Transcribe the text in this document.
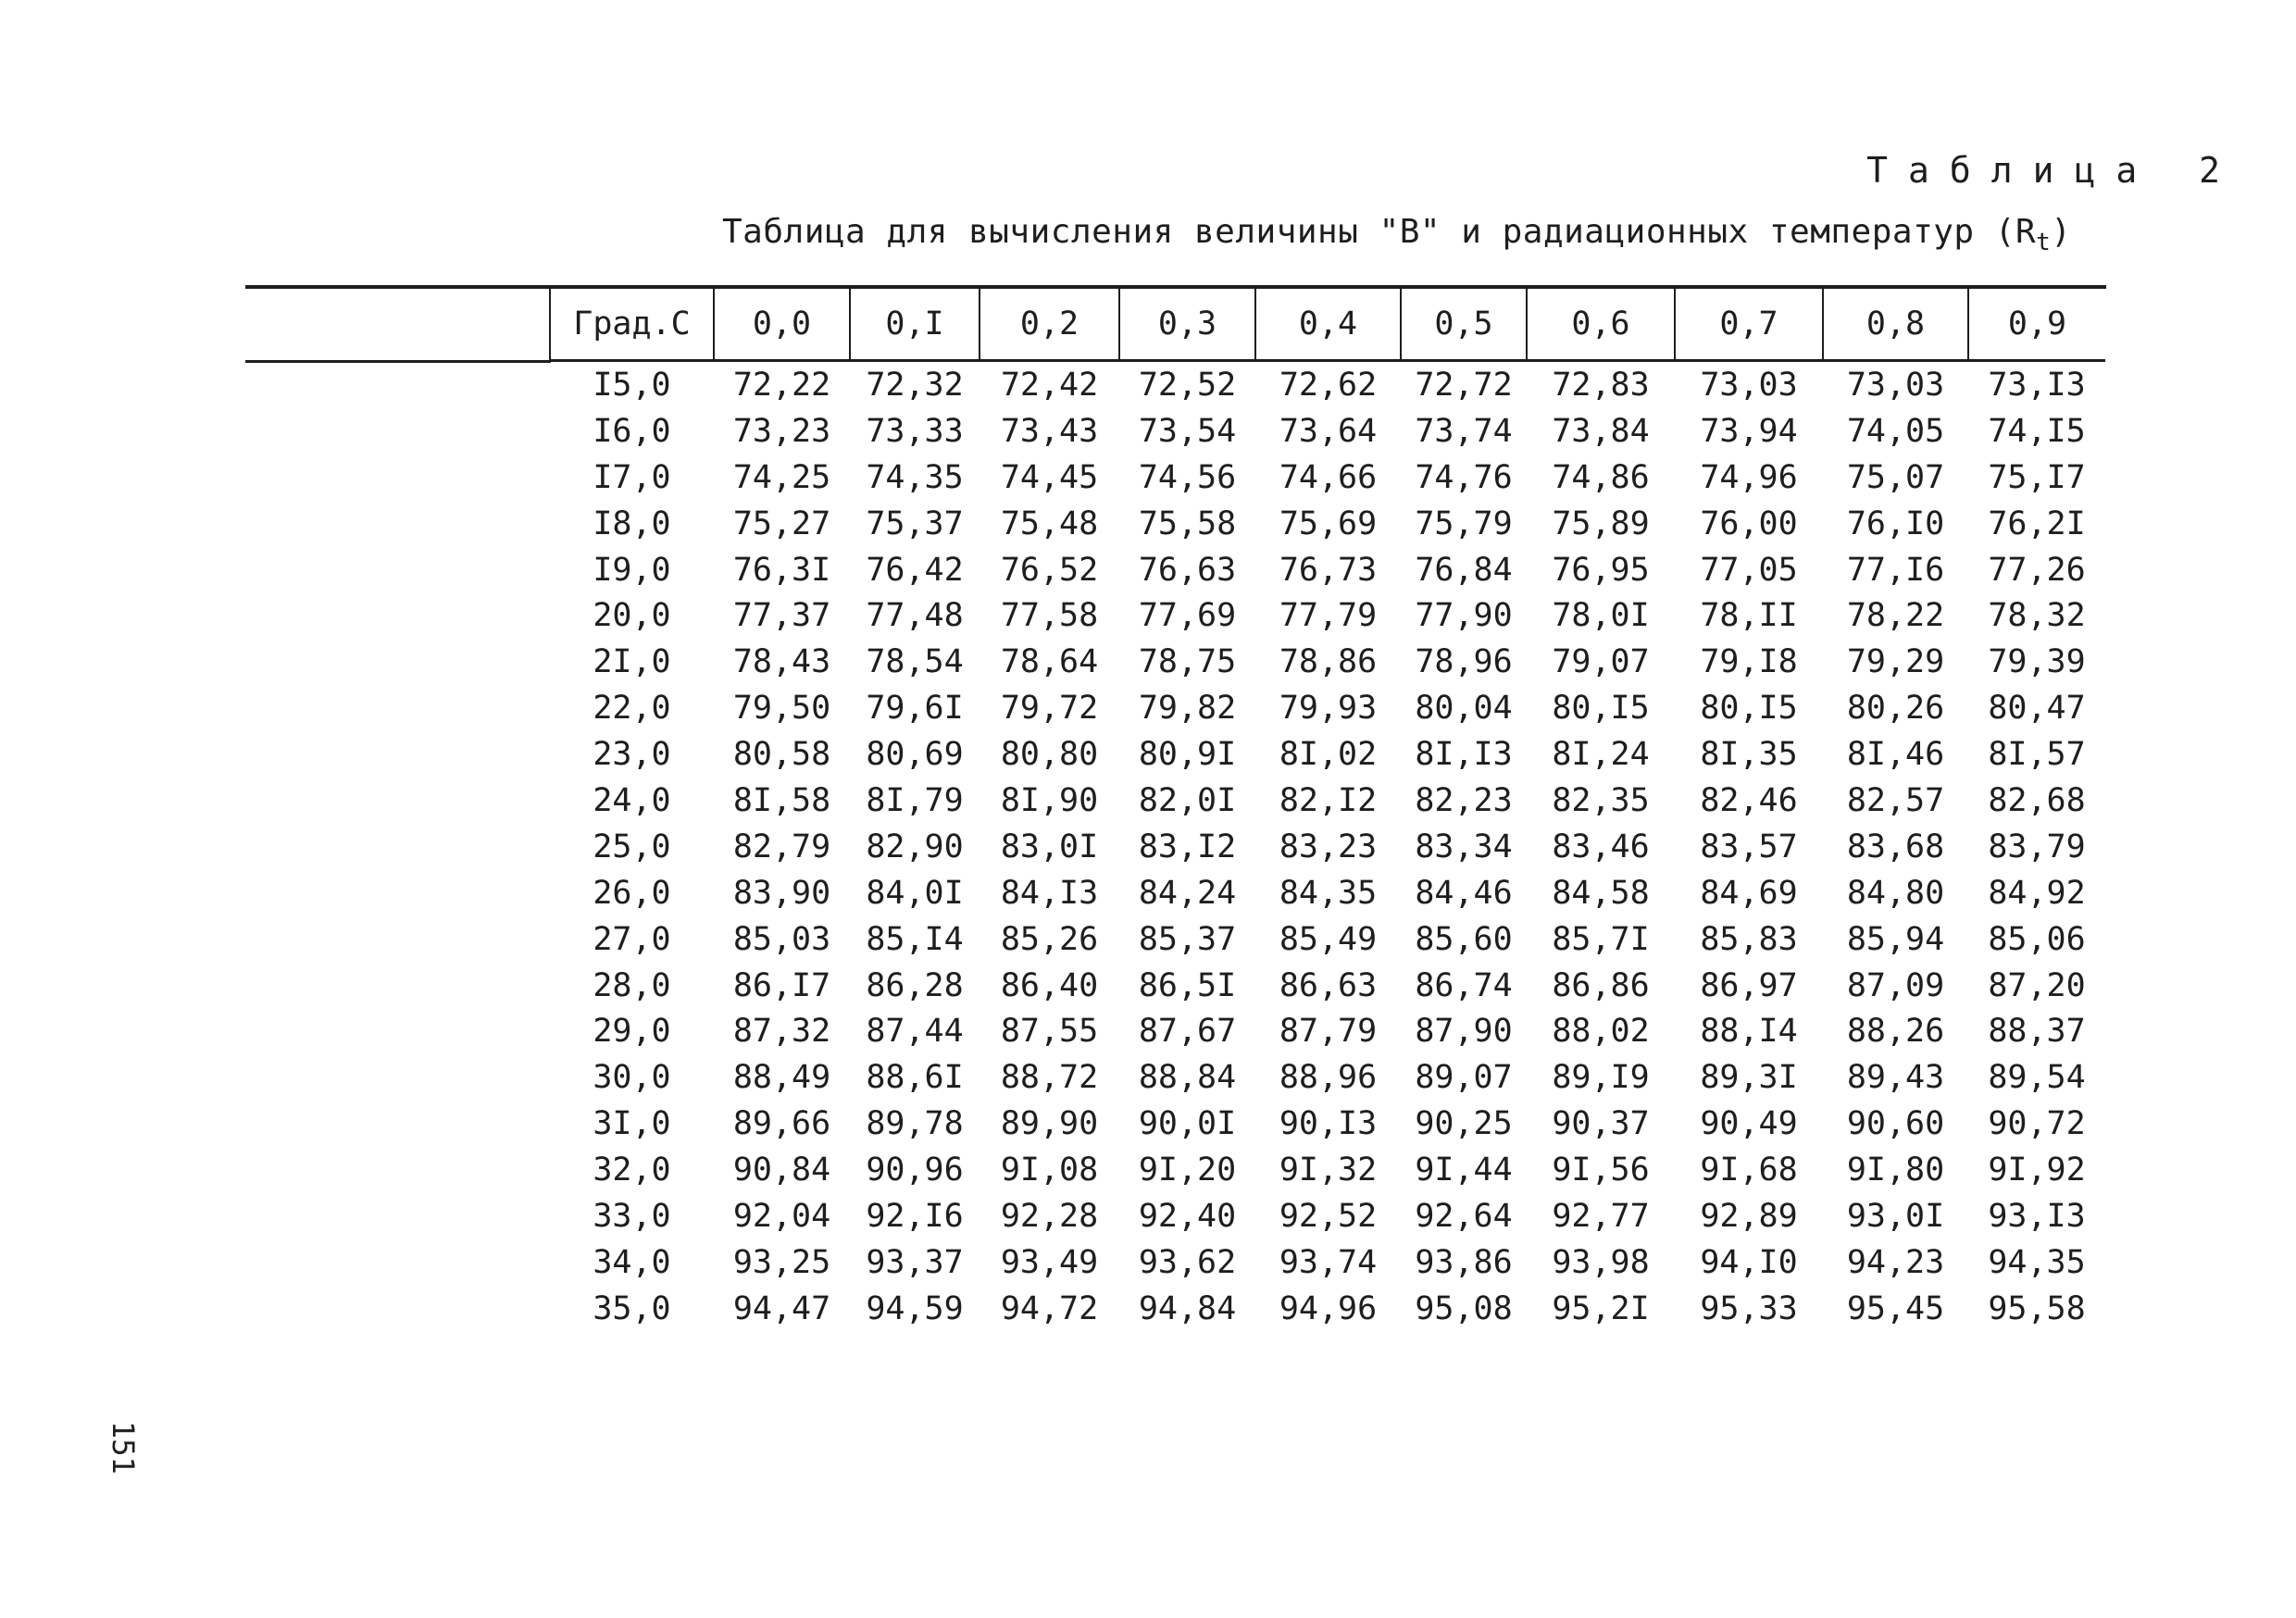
Таблица 2
Таблица для вычисления величины "В" и радиационных температур $(R_t)$
Град.С	0,0	0,I	0,2	0,3	0,4	0,5	0,6	0,7	0,8	0,9
I5,0	72,22	72,32	72,42	72,52	72,62	72,72	72,83	73,03	73,03	73,I3
I6,0	73,23	73,33	73,43	73,54	73,64	73,74	73,84	73,94	74,05	74,I5
I7,0	74,25	74,35	74,45	74,56	74,66	74,76	74,86	74,96	75,07	75,I7
I8,0	75,27	75,37	75,48	75,58	75,69	75,79	75,89	76,00	76,I0	76,2I
I9,0	76,3I	76,42	76,52	76,63	76,73	76,84	76,95	77,05	77,I6	77,26
20,0	77,37	77,48	77,58	77,69	77,79	77,90	78,0I	78,II	78,22	78,32
2I,0	78,43	78,54	78,64	78,75	78,86	78,96	79,07	79,I8	79,29	79,39
22,0	79,50	79,6I	79,72	79,82	79,93	80,04	80,I5	80,I5	80,26	80,47
23,0	80,58	80,69	80,80	80,9I	8I,02	8I,I3	8I,24	8I,35	8I,46	8I,57
24,0	8I,58	8I,79	8I,90	82,0I	82,I2	82,23	82,35	82,46	82,57	82,68
25,0	82,79	82,90	83,0I	83,I2	83,23	83,34	83,46	83,57	83,68	83,79
26,0	83,90	84,0I	84,I3	84,24	84,35	84,46	84,58	84,69	84,80	84,92
27,0	85,03	85,I4	85,26	85,37	85,49	85,60	85,7I	85,83	85,94	85,06
28,0	86,I7	86,28	86,40	86,5I	86,63	86,74	86,86	86,97	87,09	87,20
29,0	87,32	87,44	87,55	87,67	87,79	87,90	88,02	88,I4	88,26	88,37
30,0	88,49	88,6I	88,72	88,84	88,96	89,07	89,I9	89,3I	89,43	89,54
3I,0	89,66	89,78	89,90	90,0I	90,I3	90,25	90,37	90,49	90,60	90,72
32,0	90,84	90,96	9I,08	9I,20	9I,32	9I,44	9I,56	9I,68	9I,80	9I,92
33,0	92,04	92,I6	92,28	92,40	92,52	92,64	92,77	92,89	93,0I	93,I3
34,0	93,25	93,37	93,49	93,62	93,74	93,86	93,98	94,I0	94,23	94,35
35,0	94,47	94,59	94,72	94,84	94,96	95,08	95,2I	95,33	95,45	95,58
151
